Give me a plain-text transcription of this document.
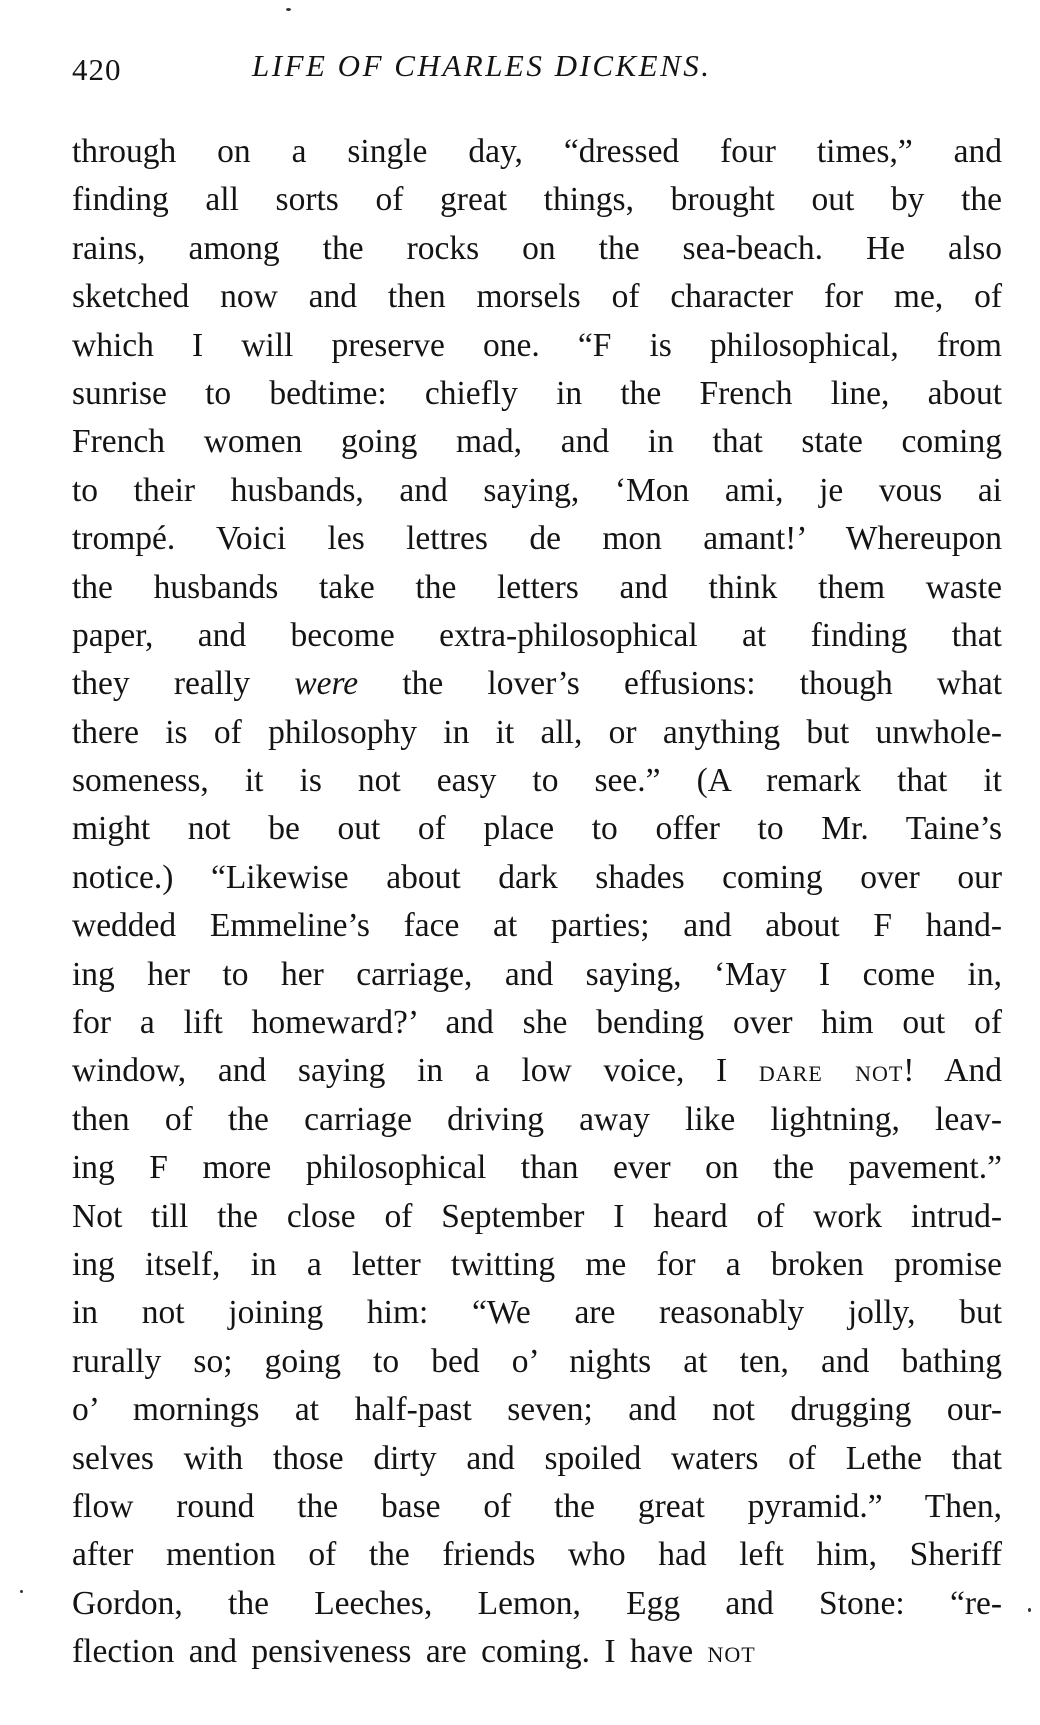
420	LIFE OF CHARLES DICKENS.
through on a single day, “dressed four times,” and
finding all sorts of great things, brought out by the
rains, among the rocks on the sea-beach. He also
sketched now and then morsels of character for me, of
which I will preserve one. “F is philosophical, from
sunrise to bedtime: chiefly in the French line, about
French women going mad, and in that state coming
to their husbands, and saying, ‘Mon ami, je vous ai
trompé. Voici les lettres de mon amant!’ Whereupon
the husbands take the letters and think them waste
paper, and become extra-philosophical at finding that
they really were the lover’s effusions: though what
there is of philosophy in it all, or anything but unwhole-
someness, it is not easy to see.” (A remark that it
might not be out of place to offer to Mr. Taine’s
notice.) “Likewise about dark shades coming over our
wedded Emmeline’s face at parties; and about F hand-
ing her to her carriage, and saying, ‘May I come in,
for a lift homeward?’ and she bending over him out of
window, and saying in a low voice, I dare not! And
then of the carriage driving away like lightning, leav-
ing F more philosophical than ever on the pavement.”
Not till the close of September I heard of work intrud-
ing itself, in a letter twitting me for a broken promise
in not joining him: “We are reasonably jolly, but
rurally so; going to bed o’ nights at ten, and bathing
o’ mornings at half-past seven; and not drugging our-
selves with those dirty and spoiled waters of Lethe that
flow round the base of the great pyramid.” Then,
after mention of the friends who had left him, Sheriff
Gordon, the Leeches, Lemon, Egg and Stone: “re-
flection and pensiveness are coming. I have not
